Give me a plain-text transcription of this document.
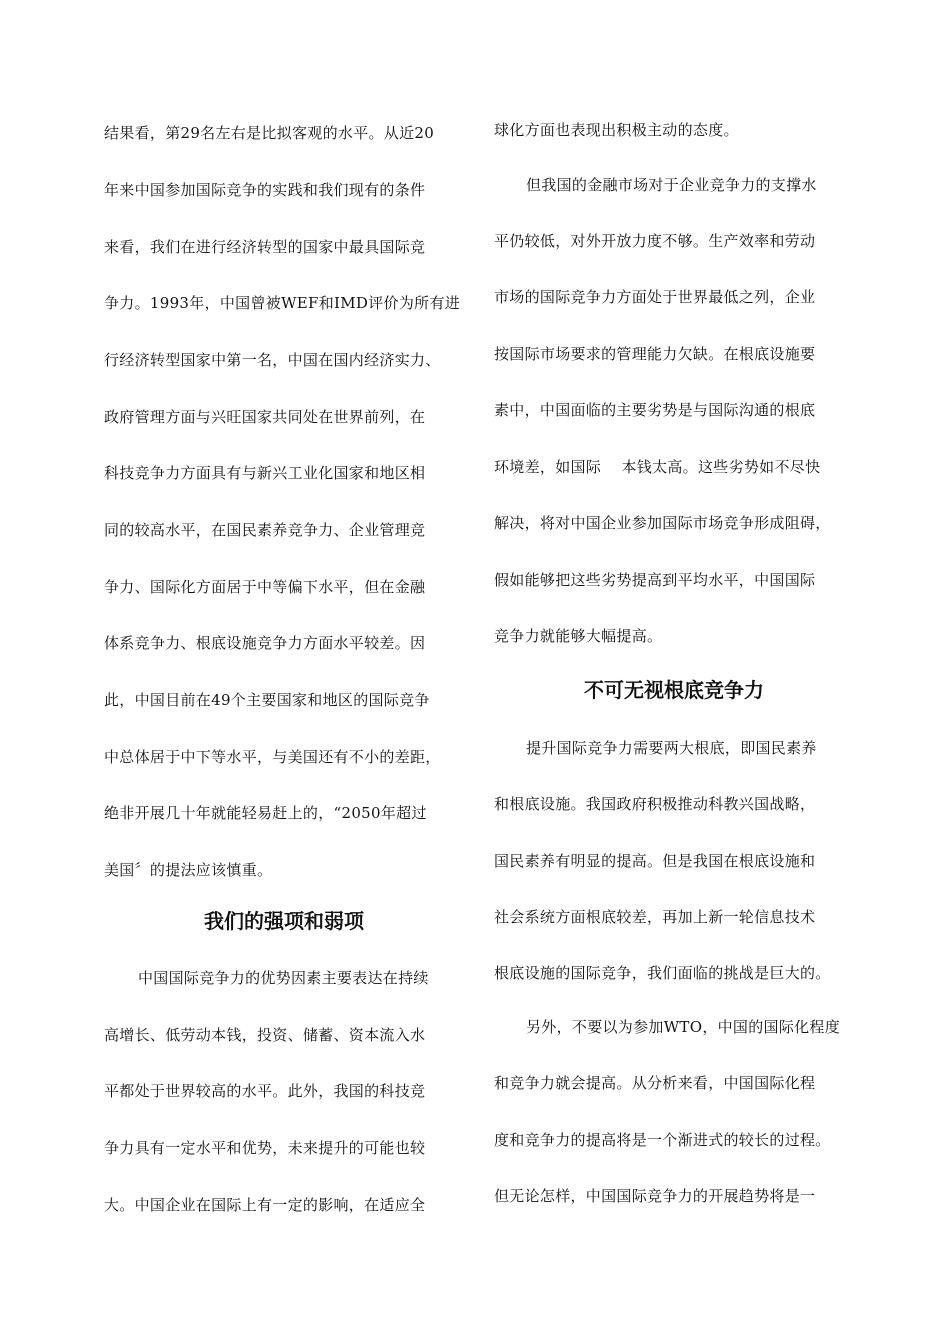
结果看，第29名左右是比拟客观的水平。从近20
年来中国参加国际竞争的实践和我们现有的条件
来看，我们在进行经济转型的国家中最具国际竞
争力。1993年，中国曾被WEF和IMD评价为所有进
行经济转型国家中第一名，中国在国内经济实力、
政府管理方面与兴旺国家共同处在世界前列，在
科技竞争力方面具有与新兴工业化国家和地区相
同的较高水平，在国民素养竞争力、企业管理竞
争力、国际化方面居于中等偏下水平，但在金融
体系竞争力、根底设施竞争力方面水平较差。因
此，中国目前在49个主要国家和地区的国际竞争
中总体居于中下等水平，与美国还有不小的差距，
绝非开展几十年就能轻易赶上的，“2050年超过
美国〞的提法应该慎重。
我们的强项和弱项
中国国际竞争力的优势因素主要表达在持续
高增长、低劳动本钱，投资、储蓄、资本流入水
平都处于世界较高的水平。此外，我国的科技竞
争力具有一定水平和优势，未来提升的可能也较
大。中国企业在国际上有一定的影响，在适应全
球化方面也表现出积极主动的态度。
但我国的金融市场对于企业竞争力的支撑水
平仍较低，对外开放力度不够。生产效率和劳动
市场的国际竞争力方面处于世界最低之列，企业
按国际市场要求的管理能力欠缺。在根底设施要
素中，中国面临的主要劣势是与国际沟通的根底
环境差，如国际　 本钱太高。这些劣势如不尽快
解决，将对中国企业参加国际市场竞争形成阻碍，
假如能够把这些劣势提高到平均水平，中国国际
竞争力就能够大幅提高。
不可无视根底竞争力
提升国际竞争力需要两大根底，即国民素养
和根底设施。我国政府积极推动科教兴国战略，
国民素养有明显的提高。但是我国在根底设施和
社会系统方面根底较差，再加上新一轮信息技术
根底设施的国际竞争，我们面临的挑战是巨大的。
另外，不要以为参加WTO，中国的国际化程度
和竞争力就会提高。从分析来看，中国国际化程
度和竞争力的提高将是一个渐进式的较长的过程。
但无论怎样，中国国际竞争力的开展趋势将是一
